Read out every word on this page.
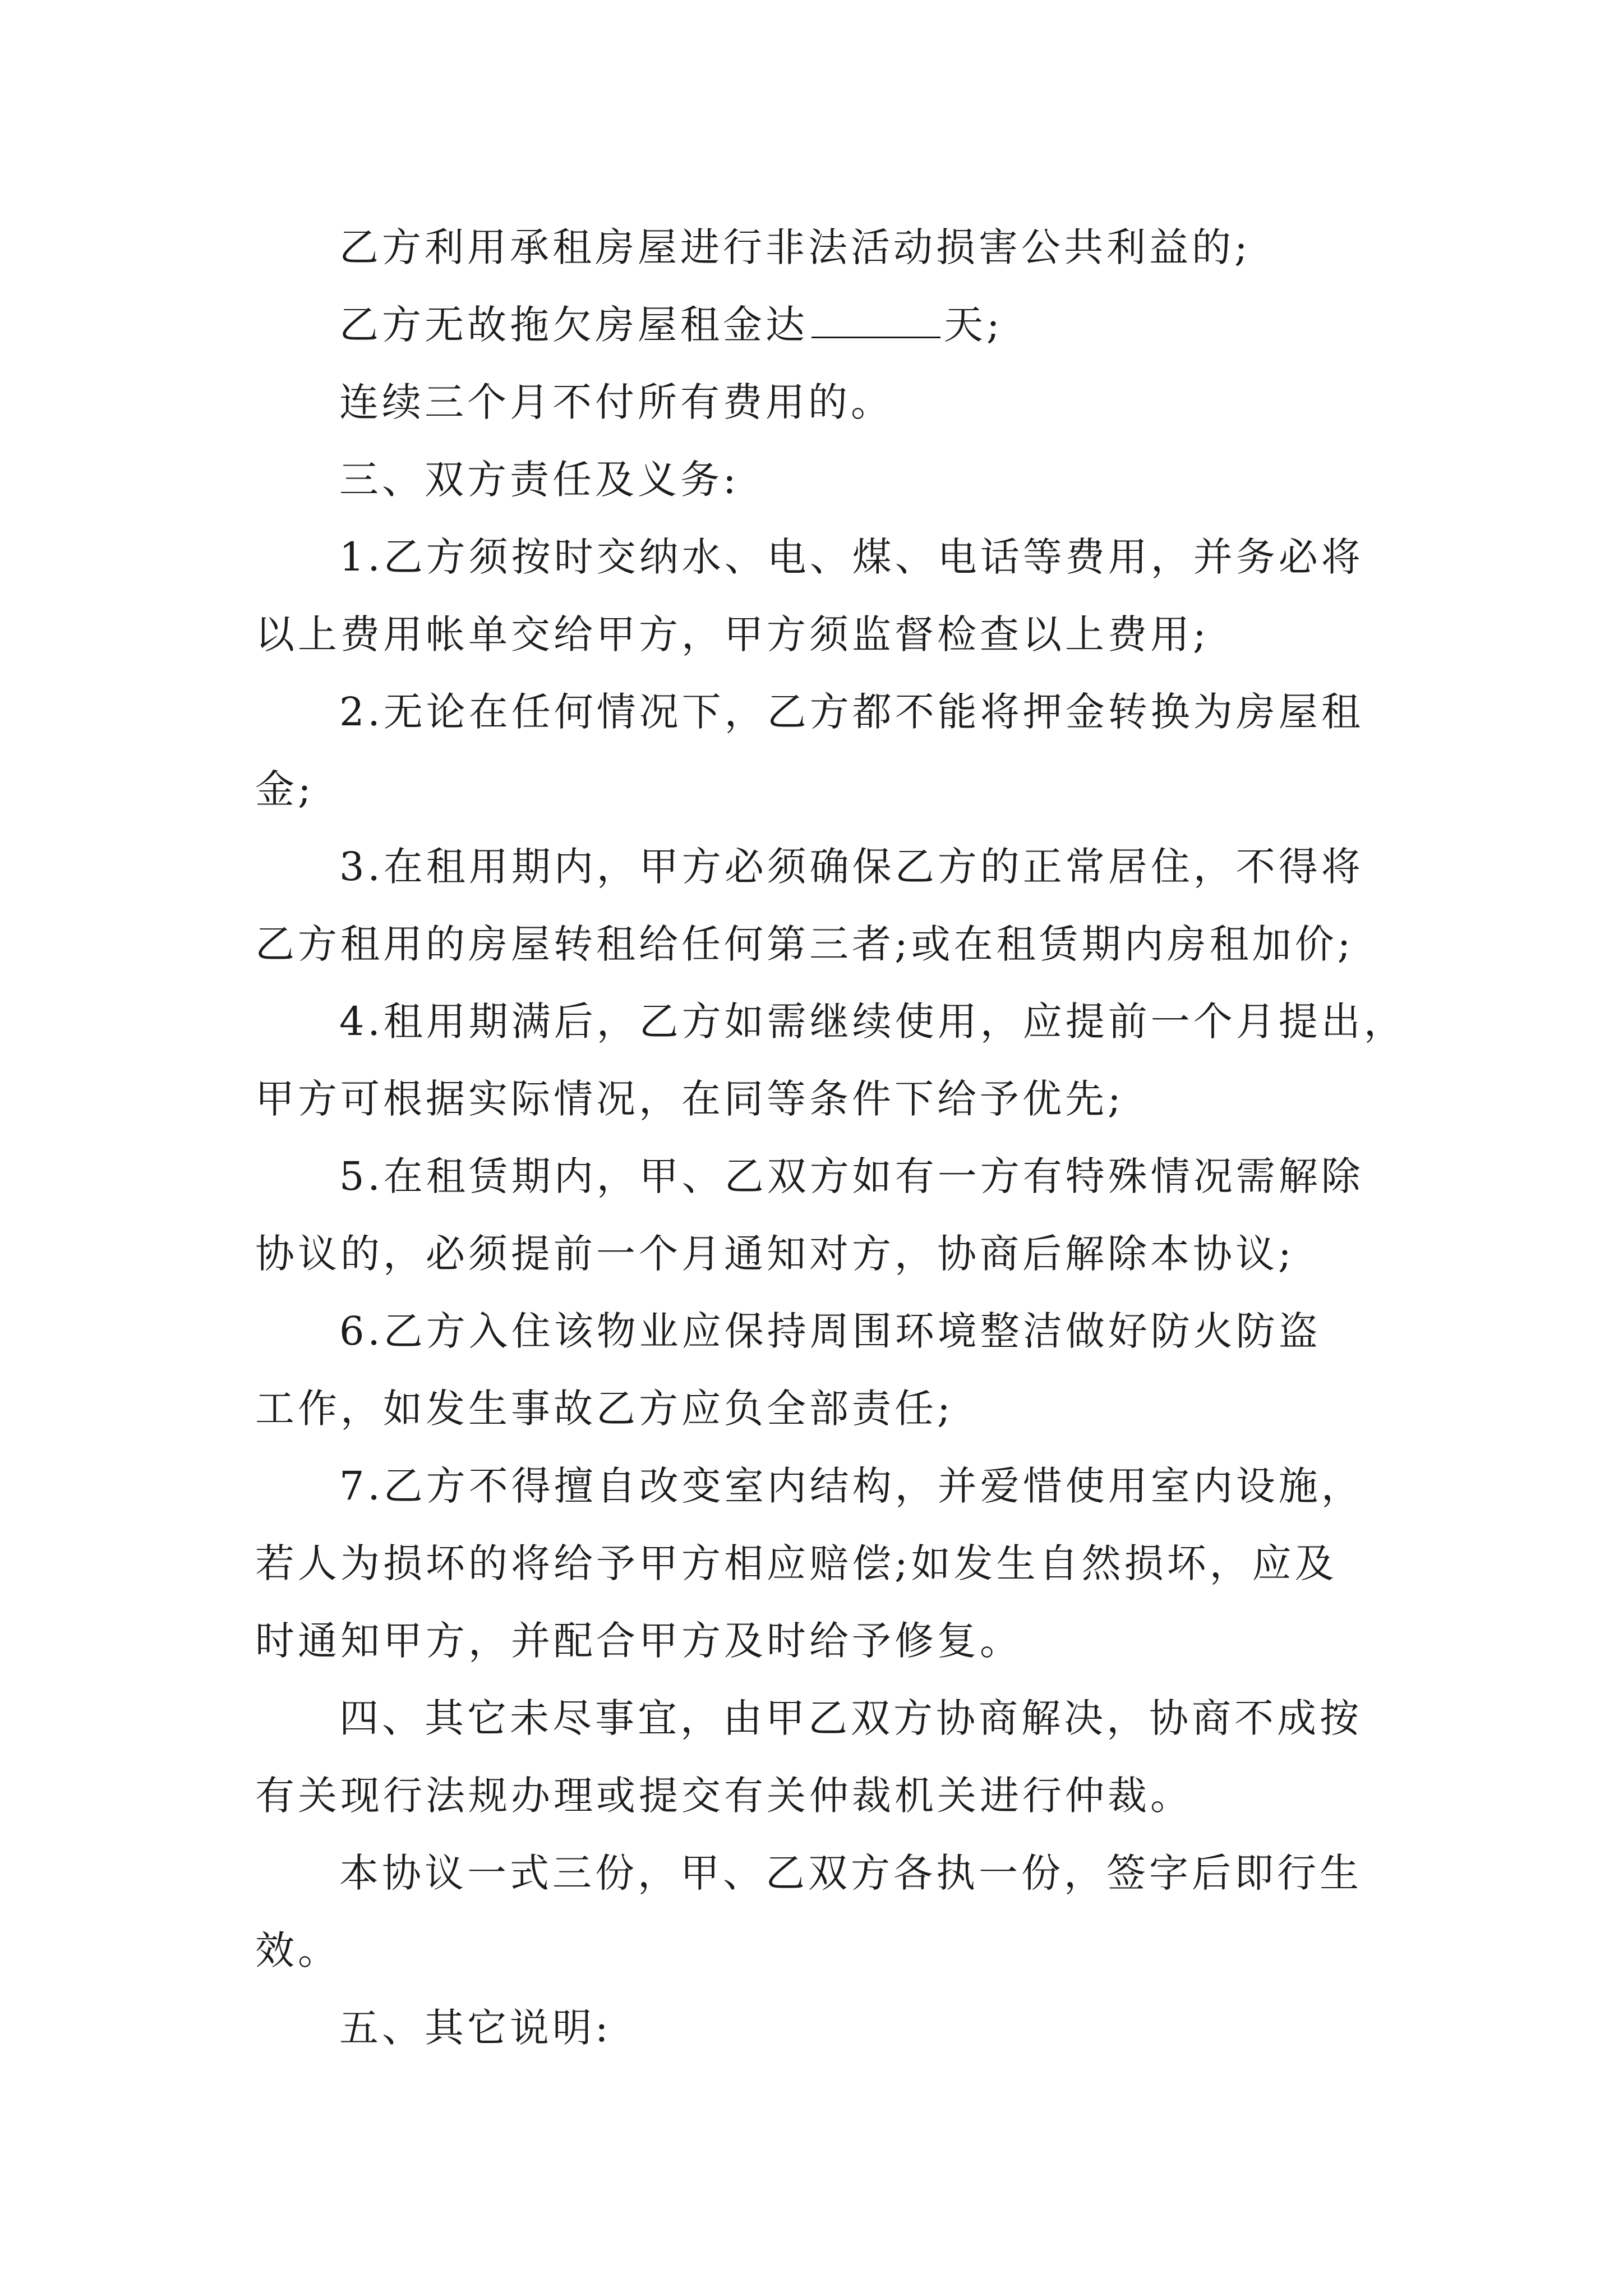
乙方利用承租房屋进行非法活动损害公共利益的;
乙方无故拖欠房屋租金达	天;
连续三个月不付所有费用的。
三、双方责任及义务:
1.乙方须按时交纳水、电、煤、电话等费用，并务必将
以上费用帐单交给甲方，甲方须监督检查以上费用;
2.无论在任何情况下，乙方都不能将押金转换为房屋租
金;
3.在租用期内，甲方必须确保乙方的正常居住，不得将
乙方租用的房屋转租给任何第三者;或在租赁期内房租加价;
4.租用期满后，乙方如需继续使用，应提前一个月提出，
甲方可根据实际情况，在同等条件下给予优先;
5.在租赁期内，甲、乙双方如有一方有特殊情况需解除
协议的，必须提前一个月通知对方，协商后解除本协议;
6.乙方入住该物业应保持周围环境整洁做好防火防盗
工作，如发生事故乙方应负全部责任;
7.乙方不得擅自改变室内结构，并爱惜使用室内设施，
若人为损坏的将给予甲方相应赔偿;如发生自然损坏，应及
时通知甲方，并配合甲方及时给予修复。
四、其它未尽事宜，由甲乙双方协商解决，协商不成按
有关现行法规办理或提交有关仲裁机关进行仲裁。
本协议一式三份，甲、乙双方各执一份，签字后即行生
效。
五、其它说明:
